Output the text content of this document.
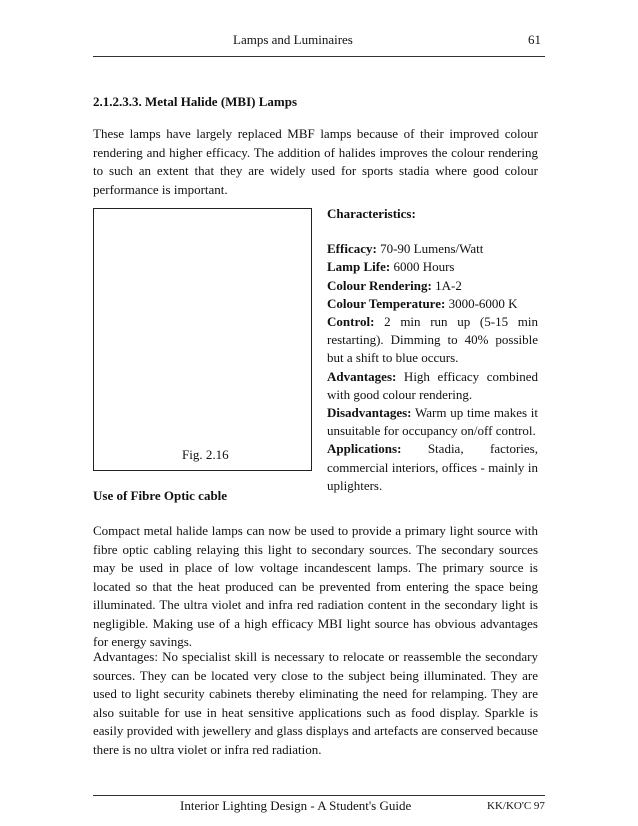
Lamps and Luminaires	61
2.1.2.3.3. Metal Halide (MBI) Lamps

These lamps have largely replaced MBF lamps because of their improved colour rendering and higher efficacy. The addition of halides improves the colour rendering to such an extent that they are widely used for sports stadia where good colour performance is important.

Fig. 2.16
Characteristics:
Efficacy: 70-90 Lumens/Watt
Lamp Life: 6000 Hours
Colour Rendering: 1A-2
Colour Temperature: 3000-6000 K
Control: 2 min run up (5-15 min restarting). Dimming to 40% possible but a shift to blue occurs.
Advantages: High efficacy combined with good colour rendering.
Disadvantages: Warm up time makes it unsuitable for occupancy on/off control.
Applications: Stadia, factories, commercial interiors, offices - mainly in uplighters.
Use of Fibre Optic cable

Compact metal halide lamps can now be used to provide a primary light source with fibre optic cabling relaying this light to secondary sources. The secondary sources may be used in place of low voltage incandescent lamps. The primary source is located so that the heat produced can be prevented from entering the space being illuminated. The ultra violet and infra red radiation content in the secondary light is negligible. Making use of a high efficacy MBI light source has obvious advantages for energy savings.

Advantages: No specialist skill is necessary to relocate or reassemble the secondary sources. They can be located very close to the subject being illuminated. They are used to light security cabinets thereby eliminating the need for relamping. They are also suitable for use in heat sensitive applications such as food display. Sparkle is easily provided with jewellery and glass displays and artefacts are conserved because there is no ultra violet or infra red radiation.

Interior Lighting Design - A Student's Guide	KK/KO'C 97
